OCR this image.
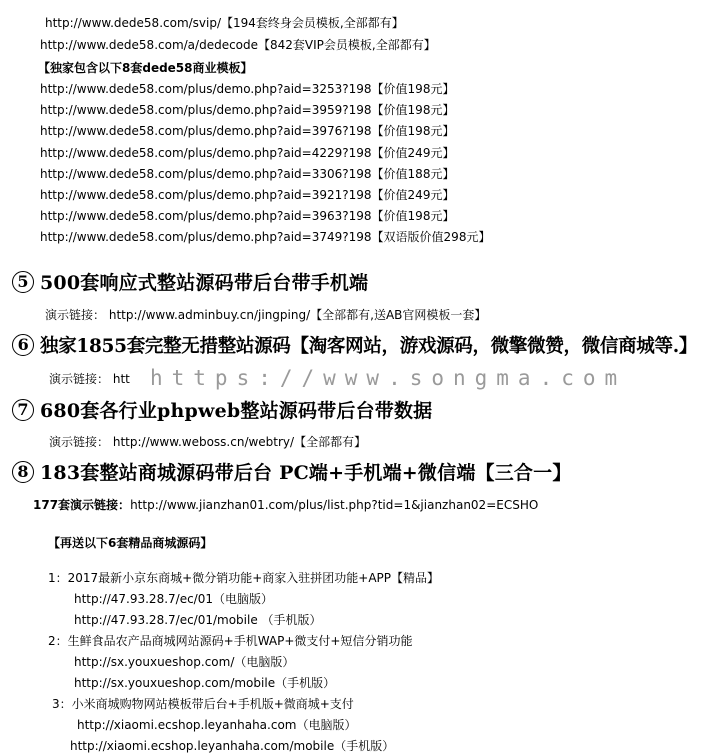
http://www.dede58.com/svip/【194套终身会员模板,全部都有】
http://www.dede58.com/a/dedecode【842套VIP会员模板,全部都有】
【独家包含以下8套dede58商业模板】
http://www.dede58.com/plus/demo.php?aid=3253?198【价值198元】
http://www.dede58.com/plus/demo.php?aid=3959?198【价值198元】
http://www.dede58.com/plus/demo.php?aid=3976?198【价值198元】
http://www.dede58.com/plus/demo.php?aid=4229?198【价值249元】
http://www.dede58.com/plus/demo.php?aid=3306?198【价值188元】
http://www.dede58.com/plus/demo.php?aid=3921?198【价值249元】
http://www.dede58.com/plus/demo.php?aid=3963?198【价值198元】
http://www.dede58.com/plus/demo.php?aid=3749?198【双语版价值298元】
5 500套响应式整站源码带后台带手机端
演示链接： http://www.adminbuy.cn/jingping/【全部都有,送AB官网模板一套】
6 独家1855套完整无措整站源码【淘客网站，游戏源码，微擎微赞，微信商城等.】
演示链接： htt https://www.songma.com
7 680套各行业phpweb整站源码带后台带数据
演示链接： http://www.weboss.cn/webtry/【全部都有】
8 183套整站商城源码带后台 PC端+手机端+微信端【三合一】
177套演示链接：http://www.jianzhan01.com/plus/list.php?tid=1&jianzhan02=ECSHO
【再送以下6套精品商城源码】
1：2017最新小京东商城+微分销功能+商家入驻拼团功能+APP【精品】
http://47.93.28.7/ec/01（电脑版）
http://47.93.28.7/ec/01/mobile （手机版）
2：生鲜食品农产品商城网站源码+手机WAP+微支付+短信分销功能
http://sx.youxueshop.com/（电脑版）
http://sx.youxueshop.com/mobile（手机版）
3：小米商城购物网站模板带后台+手机版+微商城+支付
http://xiaomi.ecshop.leyanhaha.com（电脑版）
http://xiaomi.ecshop.leyanhaha.com/mobile（手机版）
